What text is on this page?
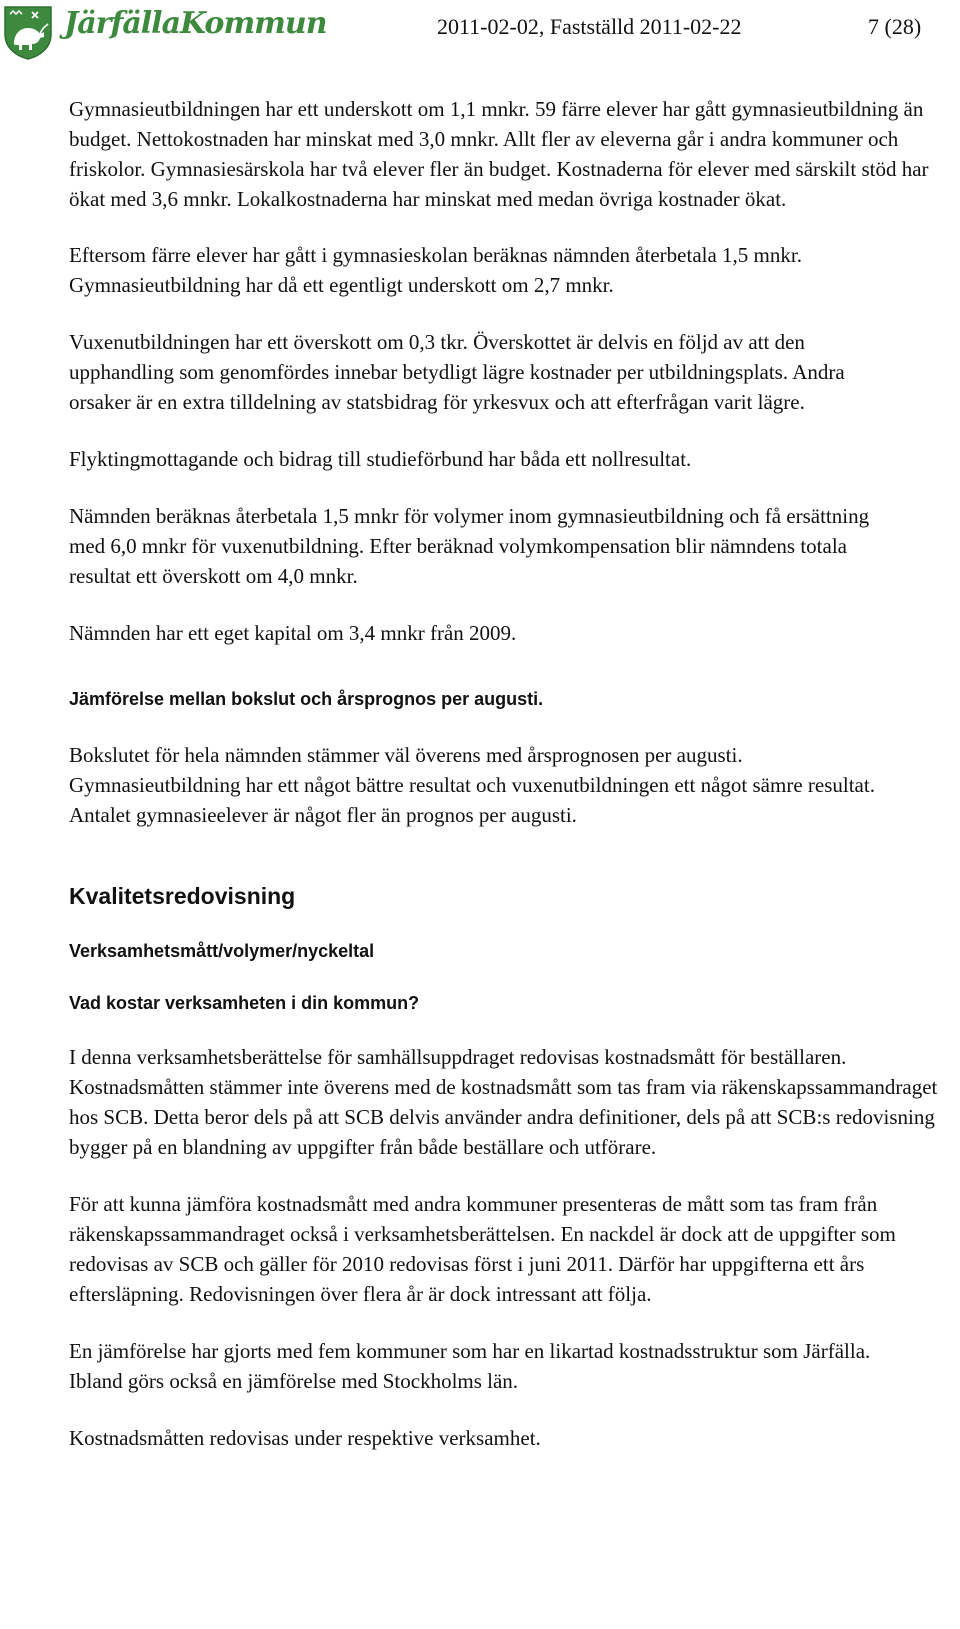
JärfällaKommun	2011-02-02, Fastställd 2011-02-22	7 (28)

Gymnasieutbildningen har ett underskott om 1,1 mnkr. 59 färre elever har gått gymnasieutbildning än budget. Nettokostnaden har minskat med 3,0 mnkr. Allt fler av eleverna går i andra kommuner och friskolor. Gymnasiesärskola har två elever fler än budget. Kostnaderna för elever med särskilt stöd har ökat med 3,6 mnkr. Lokalkostnaderna har minskat med medan övriga kostnader ökat.

Eftersom färre elever har gått i gymnasieskolan beräknas nämnden återbetala 1,5 mnkr. Gymnasieutbildning har då ett egentligt underskott om 2,7 mnkr.

Vuxenutbildningen har ett överskott om 0,3 tkr. Överskottet är delvis en följd av att den upphandling som genomfördes innebar betydligt lägre kostnader per utbildningsplats. Andra orsaker är en extra tilldelning av statsbidrag för yrkesvux och att efterfrågan varit lägre.

Flyktingmottagande och bidrag till studieförbund har båda ett nollresultat.

Nämnden beräknas återbetala 1,5 mnkr för volymer inom gymnasieutbildning och få ersättning med 6,0 mnkr för vuxenutbildning. Efter beräknad volymkompensation blir nämndens totala resultat ett överskott om 4,0 mnkr.

Nämnden har ett eget kapital om 3,4 mnkr från 2009.

Jämförelse mellan bokslut och årsprognos per augusti.

Bokslutet för hela nämnden stämmer väl överens med årsprognosen per augusti. Gymnasieutbildning har ett något bättre resultat och vuxenutbildningen ett något sämre resultat. Antalet gymnasieelever är något fler än prognos per augusti.

Kvalitetsredovisning
Verksamhetsmått/volymer/nyckeltal
Vad kostar verksamheten i din kommun?

I denna verksamhetsberättelse för samhällsuppdraget redovisas kostnadsmått för beställaren. Kostnadsmåtten stämmer inte överens med de kostnadsmått som tas fram via räkenskapssammandraget hos SCB. Detta beror dels på att SCB delvis använder andra definitioner, dels på att SCB:s redovisning bygger på en blandning av uppgifter från både beställare och utförare.

För att kunna jämföra kostnadsmått med andra kommuner presenteras de mått som tas fram från räkenskapssammandraget också i verksamhetsberättelsen. En nackdel är dock att de uppgifter som redovisas av SCB och gäller för 2010 redovisas först i juni 2011. Därför har uppgifterna ett års eftersläpning. Redovisningen över flera år är dock intressant att följa.

En jämförelse har gjorts med fem kommuner som har en likartad kostnadsstruktur som Järfälla. Ibland görs också en jämförelse med Stockholms län.

Kostnadsmåtten redovisas under respektive verksamhet.
